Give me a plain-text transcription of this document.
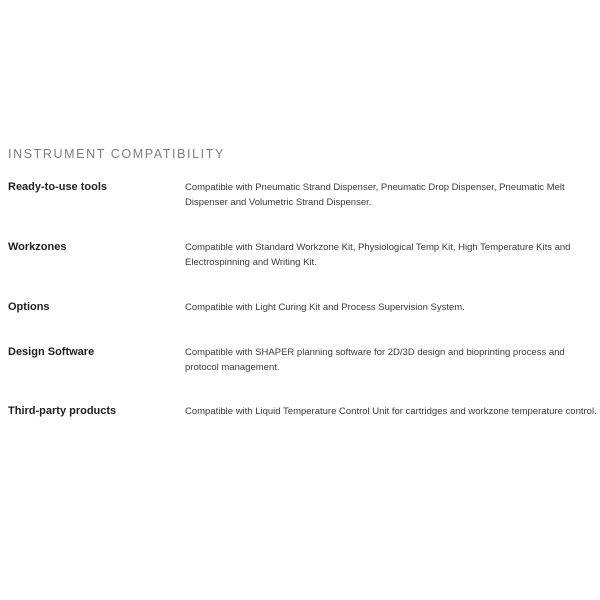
INSTRUMENT COMPATIBILITY
Ready-to-use tools	Compatible with Pneumatic Strand Dispenser, Pneumatic Drop Dispenser, Pneumatic Melt Dispenser and Volumetric Strand Dispenser.
Workzones	Compatible with Standard Workzone Kit, Physiological Temp Kit, High Temperature Kits and Electrospinning and Writing Kit.
Options	Compatible with Light Curing Kit and Process Supervision System.
Design Software	Compatible with SHAPER planning software for 2D/3D design and bioprinting process and protocol management.
Third-party products	Compatible with Liquid Temperature Control Unit for cartridges and workzone temperature control.
